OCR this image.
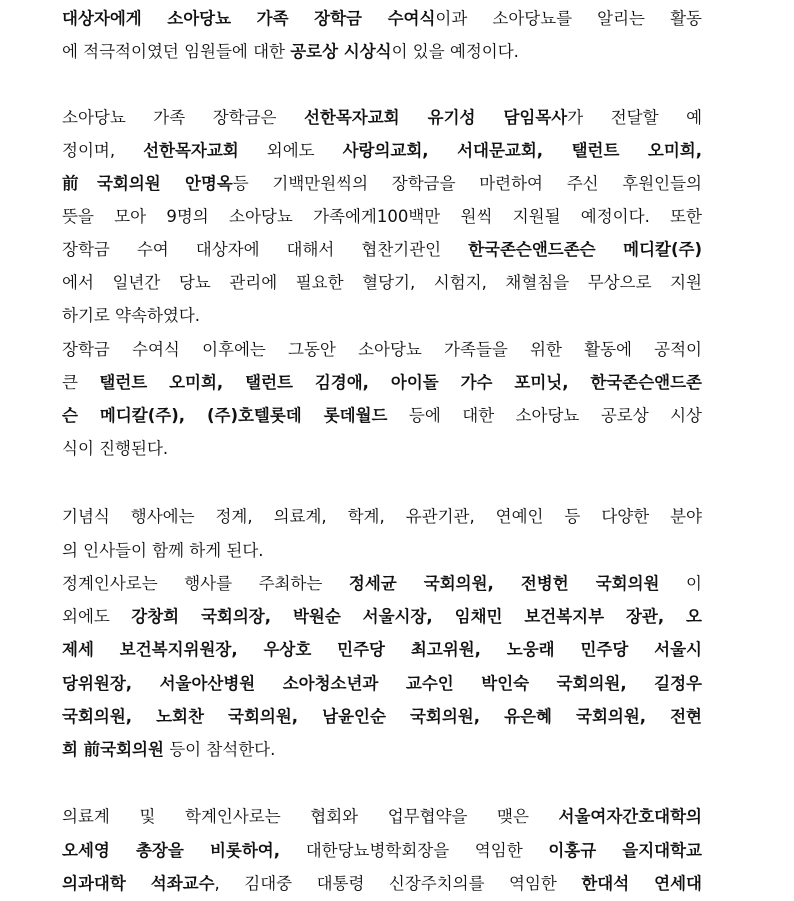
대상자에게 소아당뇨 가족 장학금 수여식이과 소아당뇨를 알리는 활동
에 적극적이였던 임원들에 대한 공로상 시상식이 있을 예정이다.
소아당뇨 가족 장학금은 선한목자교회 유기성 담임목사가 전달할 예
정이며, 선한목자교회 외에도 사랑의교회, 서대문교회, 탤런트 오미희,
前국회의원 안명옥등 기백만원씩의 장학금을 마련하여 주신 후원인들의
뜻을 모아 9명의 소아당뇨 가족에게100백만 원씩 지원될 예정이다. 또한
장학금 수여 대상자에 대해서 협찬기관인 한국존슨앤드존슨 메디칼(주)
에서 일년간 당뇨 관리에 필요한 혈당기, 시험지, 채혈침을 무상으로 지원
하기로 약속하였다.
장학금 수여식 이후에는 그동안 소아당뇨 가족들을 위한 활동에 공적이
큰 탤런트 오미희, 탤런트 김경애, 아이돌 가수 포미닛, 한국존슨앤드존
슨 메디칼(주), (주)호텔롯데 롯데월드 등에 대한 소아당뇨 공로상 시상
식이 진행된다.
기념식 행사에는 정계, 의료계, 학계, 유관기관, 연예인 등 다양한 분야
의 인사들이 함께 하게 된다.
정계인사로는 행사를 주최하는 정세균 국회의원, 전병헌 국회의원 이
외에도 강창희 국회의장, 박원순 서울시장, 임채민 보건복지부 장관, 오
제세 보건복지위원장, 우상호 민주당 최고위원, 노웅래 민주당 서울시
당위원장, 서울아산병원 소아청소년과 교수인 박인숙 국회의원, 길정우
국회의원, 노회찬 국회의원, 남윤인순 국회의원, 유은혜 국회의원, 전현
희 前국회의원 등이 참석한다.
의료계 및 학계인사로는 협회와 업무협약을 맺은 서울여자간호대학의
오세영 총장을 비롯하여, 대한당뇨병학회장을 역임한 이홍규 을지대학교
의과대학 석좌교수, 김대중 대통령 신장주치의를 역임한 한대석 연세대
